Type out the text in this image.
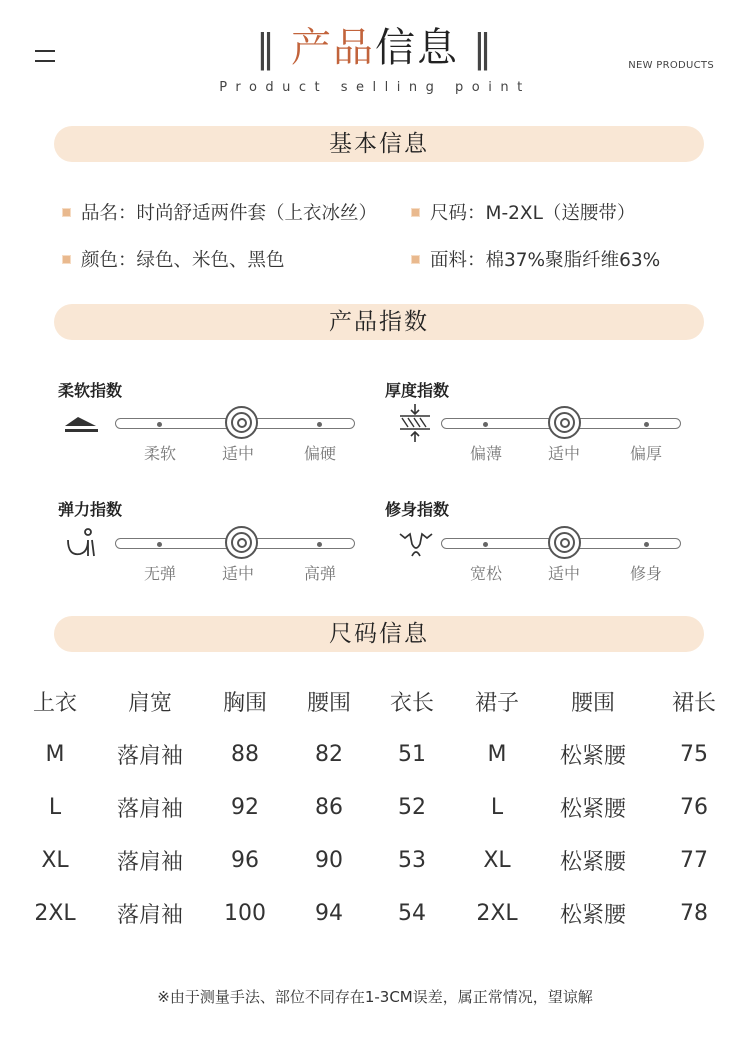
‖ 产品信息 ‖
Product selling point
NEW PRODUCTS
基本信息
品名：时尚舒适两件套（上衣冰丝）	尺码：M-2XL（送腰带）
颜色：绿色、米色、黑色	面料：棉37%聚脂纤维63%
产品指数
柔软指数
柔软	适中	偏硬
厚度指数
偏薄	适中	偏厚
弹力指数
无弹	适中	高弹
修身指数
宽松	适中	修身
尺码信息
上衣	肩宽	胸围	腰围	衣长	裙子	腰围	裙长
M	落肩袖	88	82	51	M	松紧腰	75
L	落肩袖	92	86	52	L	松紧腰	76
XL	落肩袖	96	90	53	XL	松紧腰	77
2XL	落肩袖	100	94	54	2XL	松紧腰	78
※由于测量手法、部位不同存在1-3CM误差，属正常情况，望谅解
